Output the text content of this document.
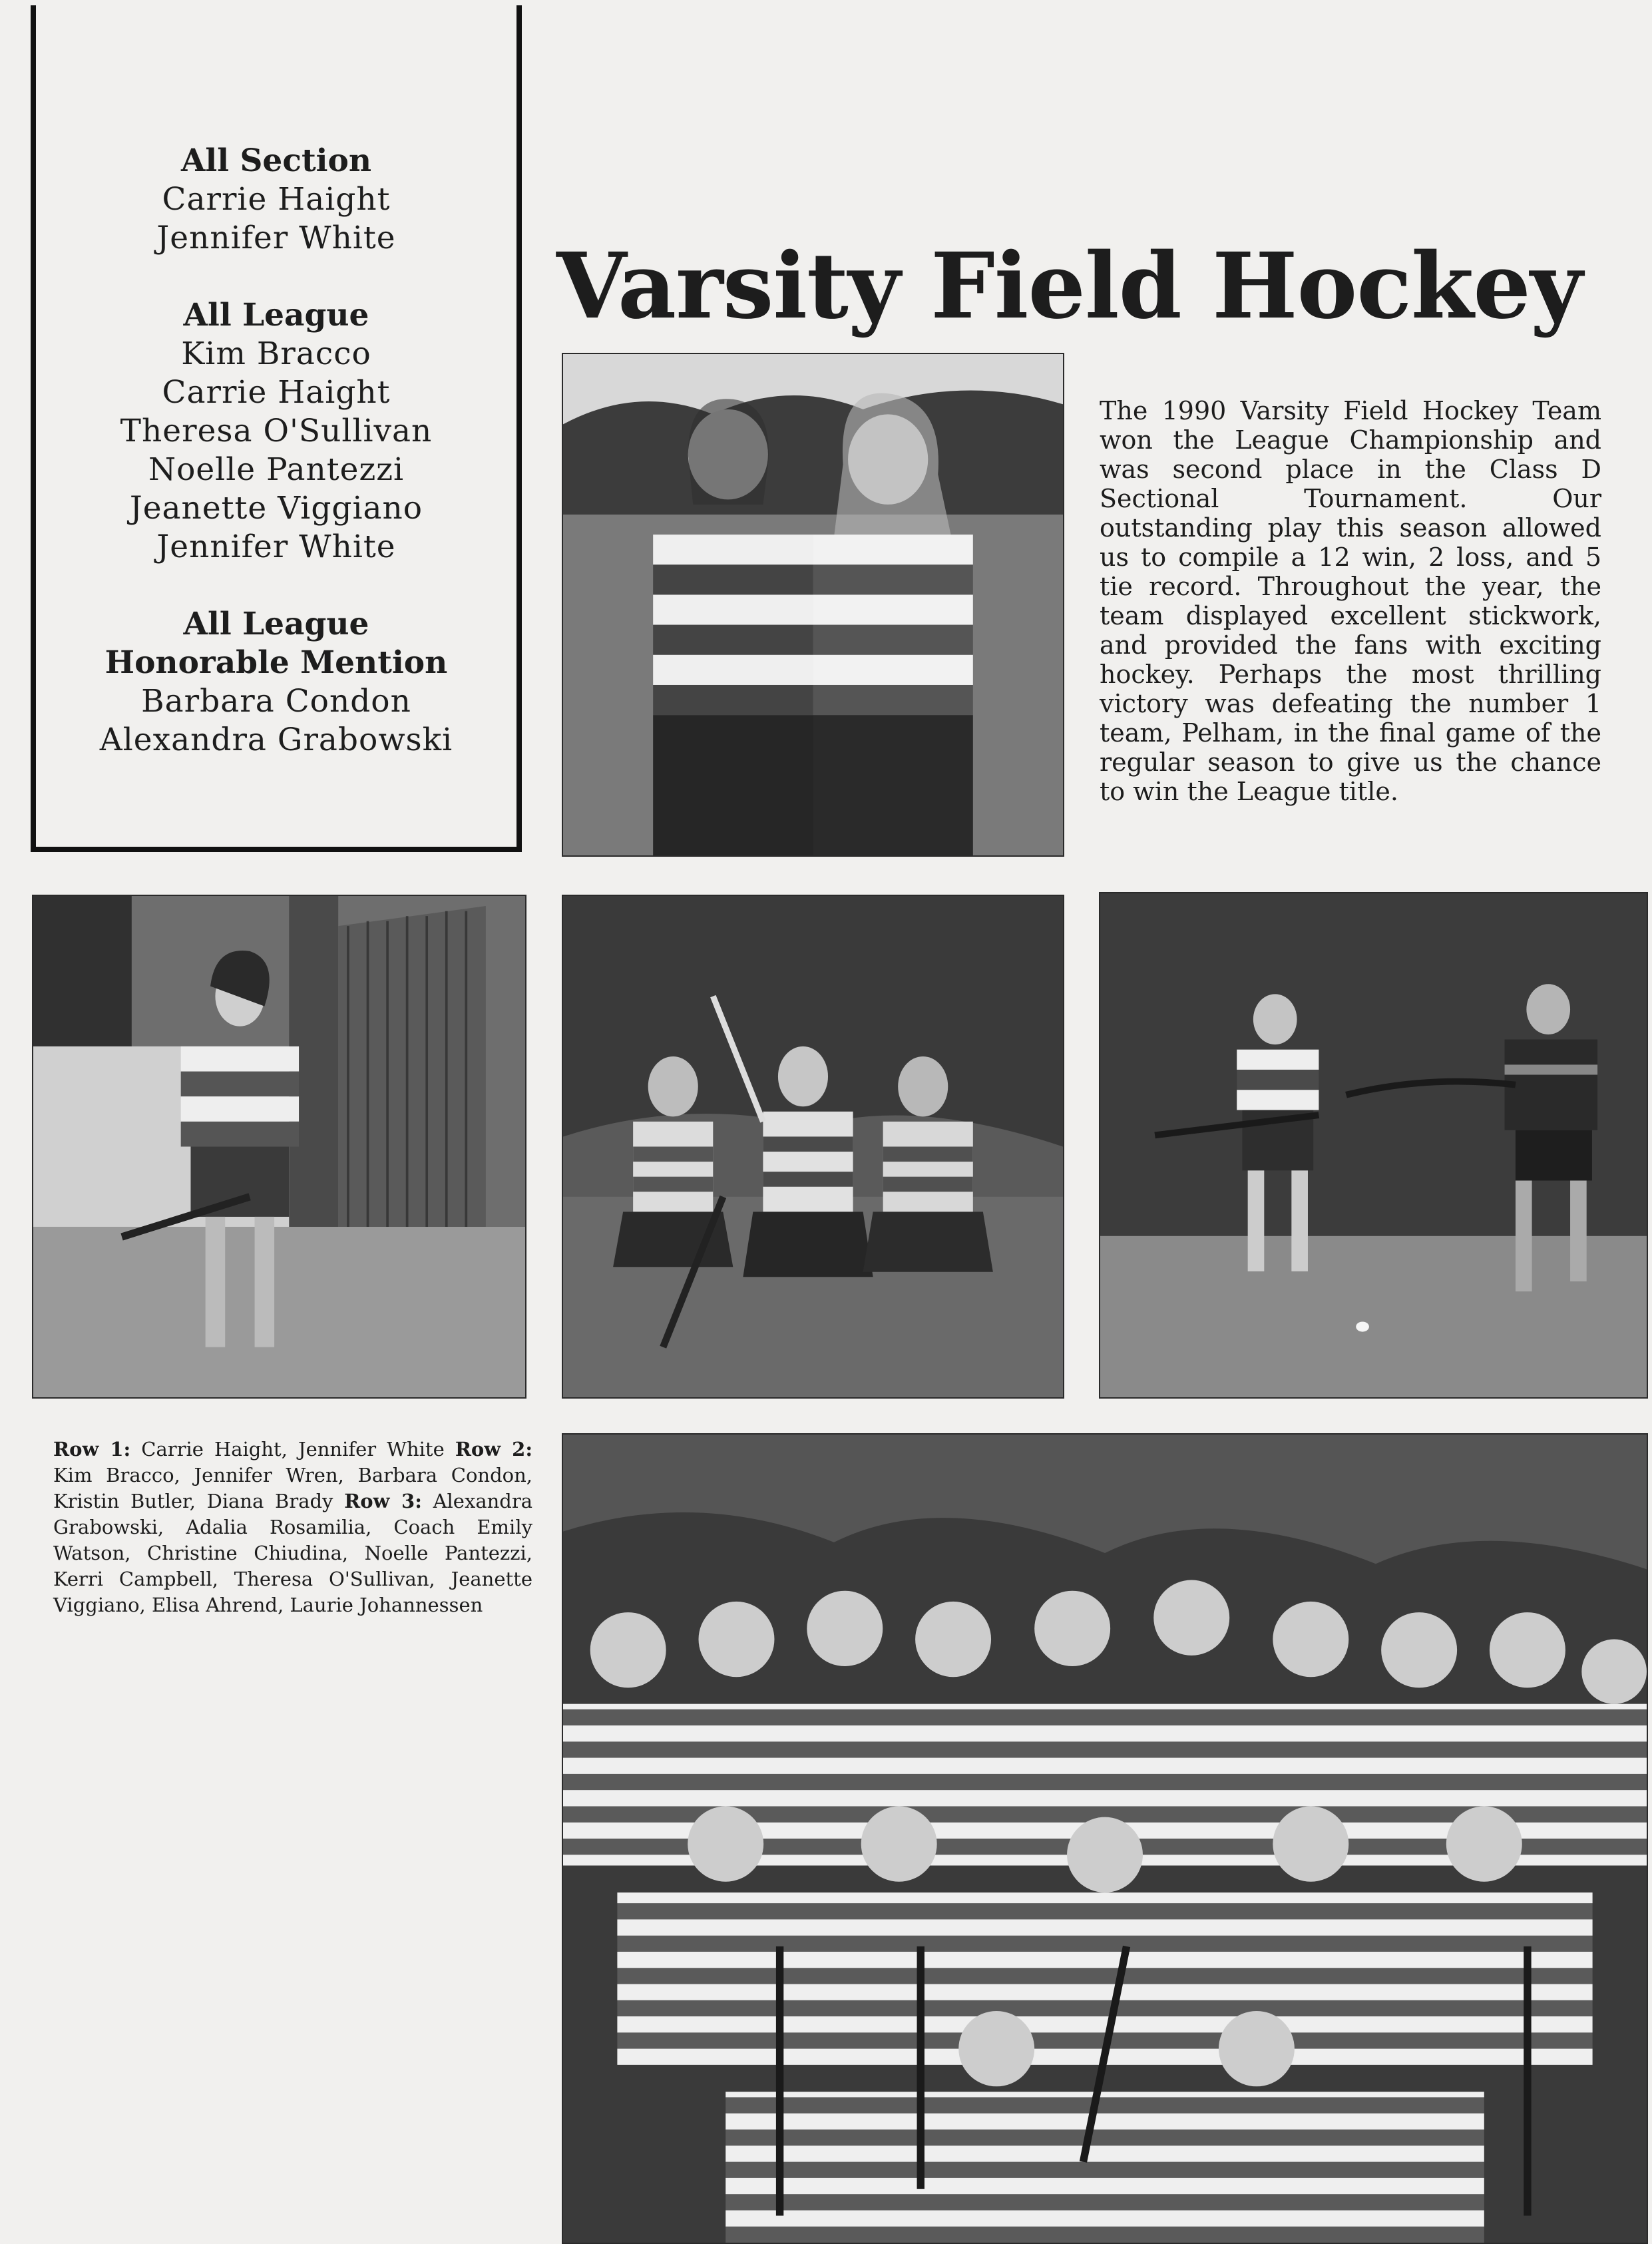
All Section
Carrie Haight
Jennifer White
All League
Kim Bracco
Carrie Haight
Theresa O'Sullivan
Noelle Pantezzi
Jeanette Viggiano
Jennifer White
All League
Honorable Mention
Barbara Condon
Alexandra Grabowski
Varsity Field Hockey

The 1990 Varsity Field Hockey Team won the League Championship and was second place in the Class D Sectional Tournament. Our outstanding play this season allowed us to compile a 12 win, 2 loss, and 5 tie record. Throughout the year, the team displayed excellent stickwork, and provided the fans with exciting hockey. Perhaps the most thrilling victory was defeating the number 1 team, Pelham, in the final game of the regular season to give us the chance to win the League title.

Row 1: Carrie Haight, Jennifer White Row 2: Kim Bracco, Jennifer Wren, Barbara Condon, Kristin Butler, Diana Brady Row 3: Alexandra Grabowski, Adalia Rosamilia, Coach Emily Watson, Christine Chiudina, Noelle Pantezzi, Kerri Campbell, Theresa O'Sullivan, Jeanette Viggiano, Elisa Ahrend, Laurie Johannessen
